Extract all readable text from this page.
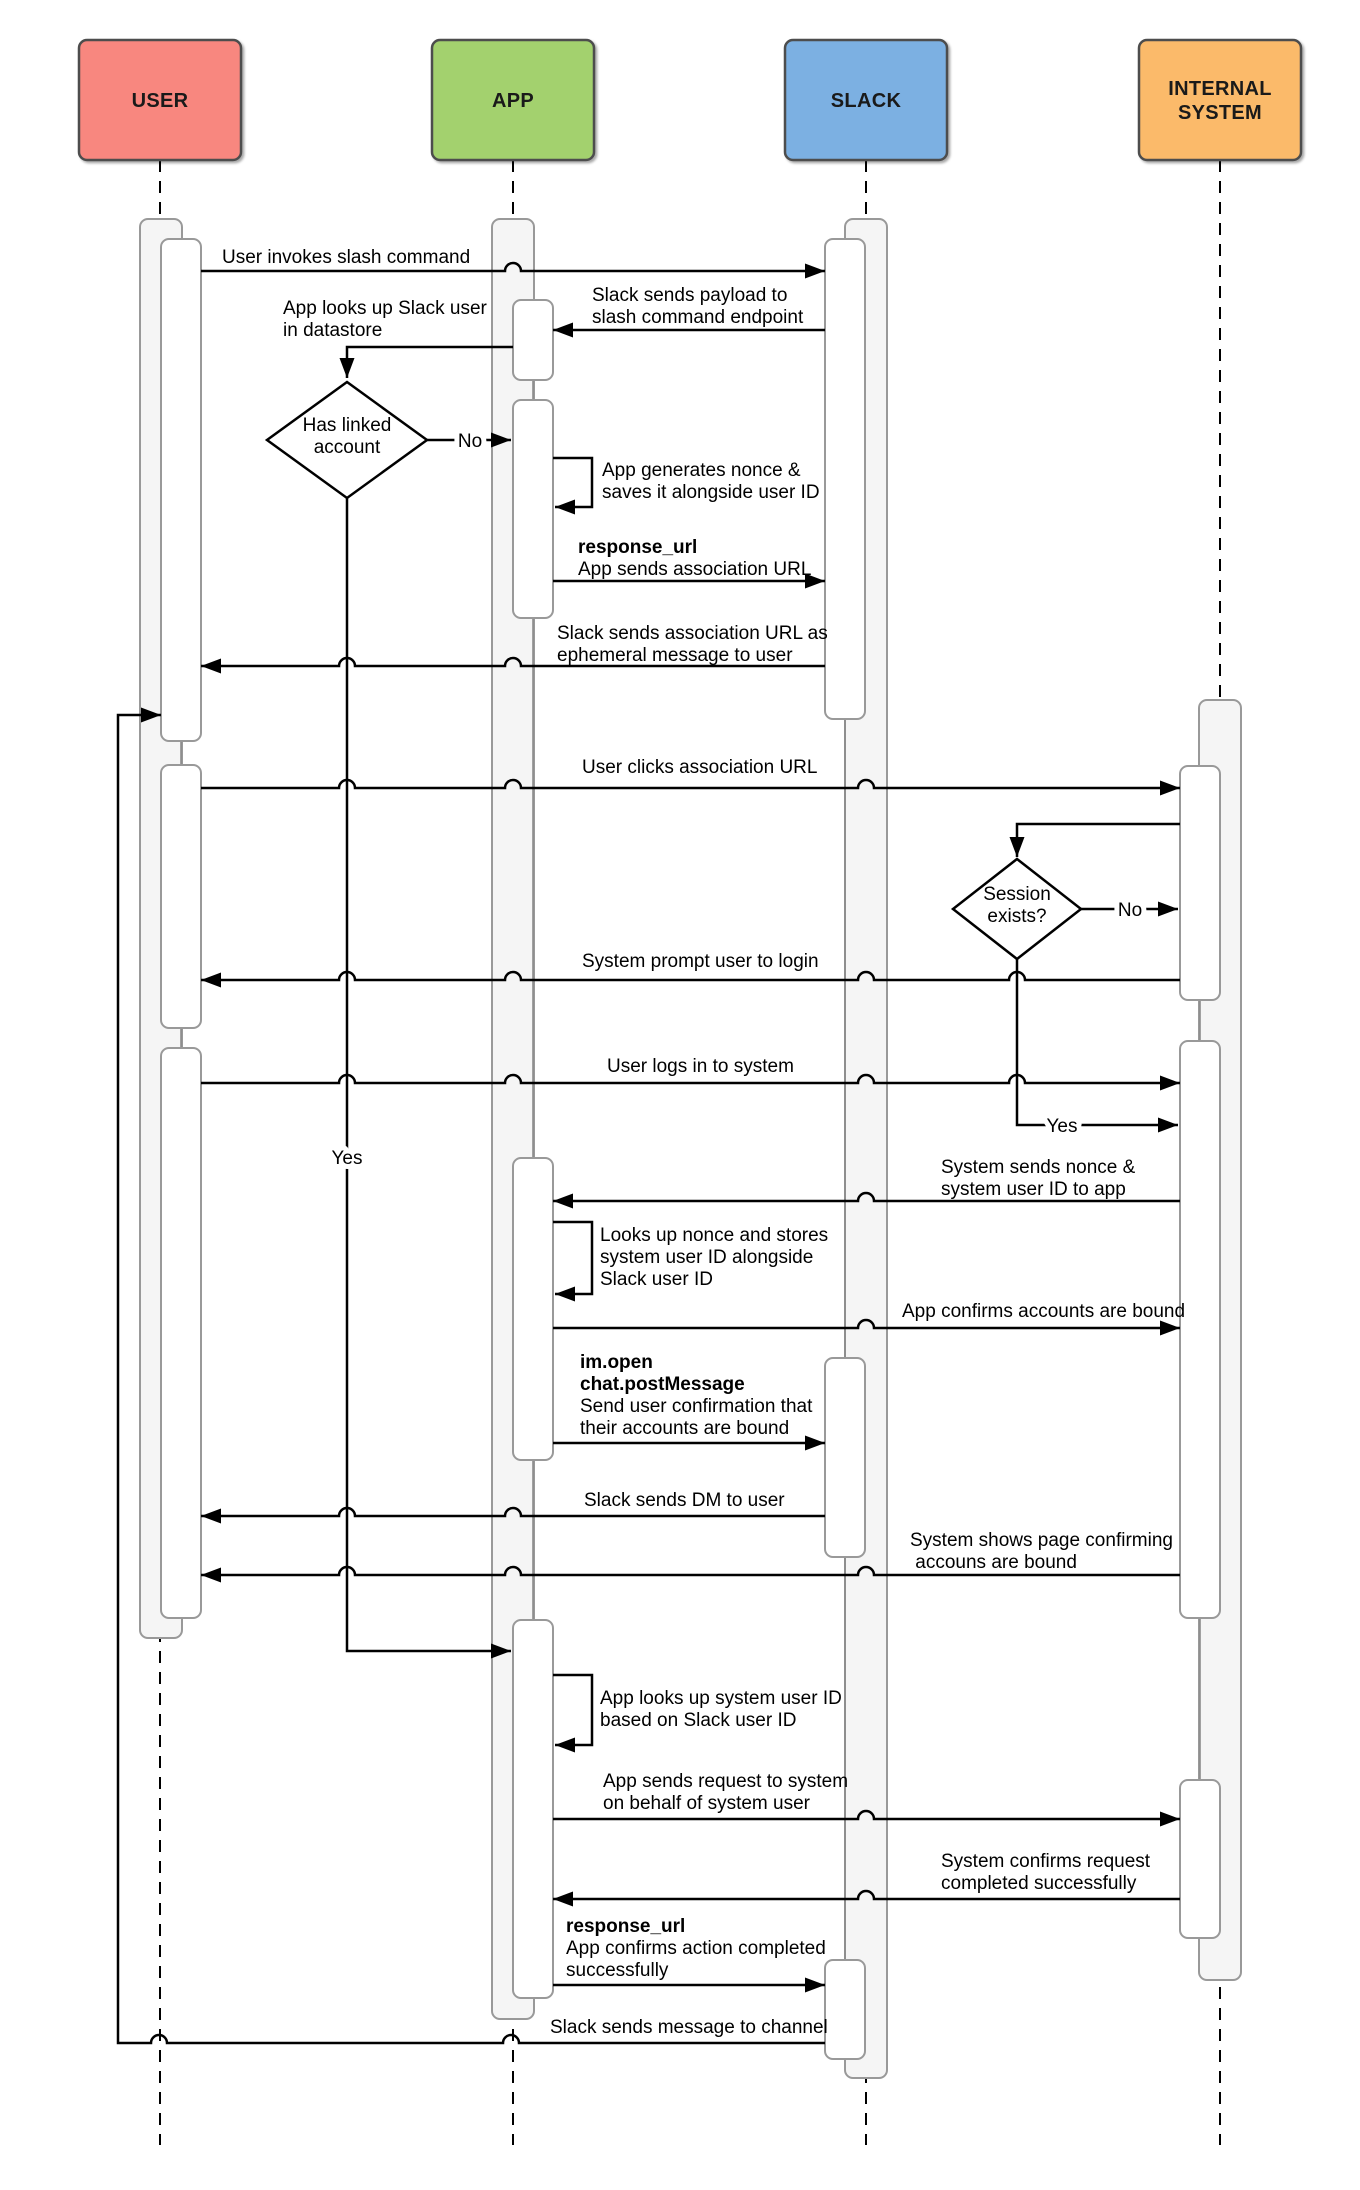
USER	APP	SLACK
INTERNAL SYSTEM
User invokes slash command
Slack sends payload to slash command endpoint
response_url App sends association URL
Slack sends association URL as ephemeral message to user
User clicks association URL
System prompt user to login
User logs in to system
System sends nonce & system user ID to app
App confirms accounts are bound
im.open chat.postMessage Send user confirmation that their accounts are bound
Slack sends DM to user
System shows page confirming accouns are bound
App sends request to system on behalf of system user
System confirms request completed successfully
response_url App confirms action completed successfully
App looks up Slack user in datastore
No
App generates nonce & saves it alongside user ID
Yes
No
Yes
Looks up nonce and stores system user ID alongside Slack user ID
App looks up system user ID based on Slack user ID
Slack sends message to channel
Has linked account
Session exists?
